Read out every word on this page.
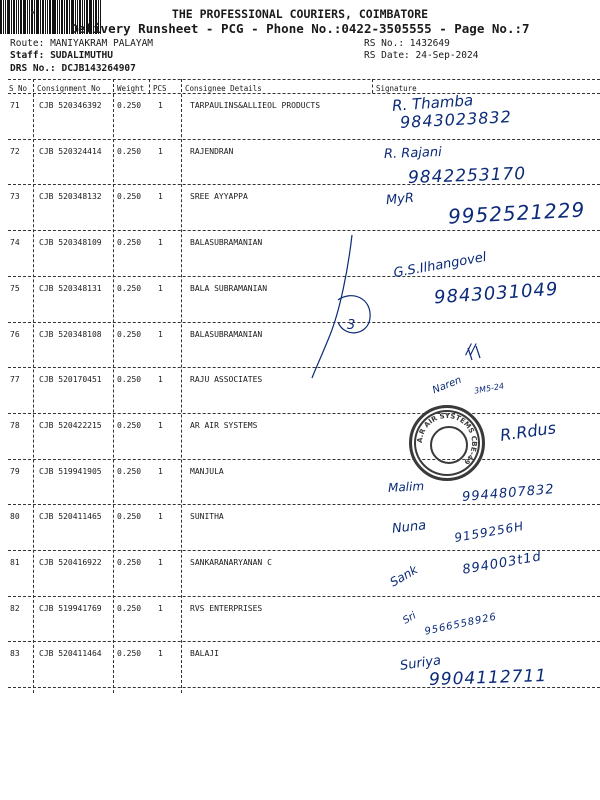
THE PROFESSIONAL COURIERS, COIMBATORE
Delivery Runsheet - PCG - Phone No.:0422-3505555 - Page No.:7
Route: MANIYAKRAM PALAYAM
Staff: SUDALIMUTHU
DRS No.: DCJB143264907
RS No.: 1432649
RS Date: 24-Sep-2024
S No Consignment No Weight PCS Consignee Details	Signature
71 CJB 520346392 0.250 1	TARPAULINS&ALLIEOL PRODUCTS	R. Thamba
9843023832
72 CJB 520324414 0.250 1	RAJENDRAN	R. Rajani
9842253170
73 CJB 520348132 0.250 1	SREE AYYAPPA	MyR 9952521229
74 CJB 520348109 0.250 1	BALASUBRAMANIAN
75 CJB 520348131 0.250 1	BALA SUBRAMANIAN
G.S.Ilhangovel
9843031049
76 CJB 520348108 0.250 1	BALASUBRAMANIAN
77 CJB 520170451 0.250 1	RAJU ASSOCIATES	Naren
78 CJB 520422215 0.250 1	AR AIR SYSTEMS	R.Rdus
79 CJB 519941905 0.250 1	MANJULA
Malim	9944807832
80 CJB 520411465 0.250 1	SUNITHA
Nuna 9159256H
81 CJB 520416922 0.250 1	SANKARANARYANAN C
Sank	894003t1d
82 CJB 519941769 0.250 1	RVS ENTERPRISES
Sri 9566558926
83 CJB 520411464 0.250 1	BALAJI	Suriya
9904112711
3
A.R AIR SYSTEMS CBE-49
3M5-24
//
